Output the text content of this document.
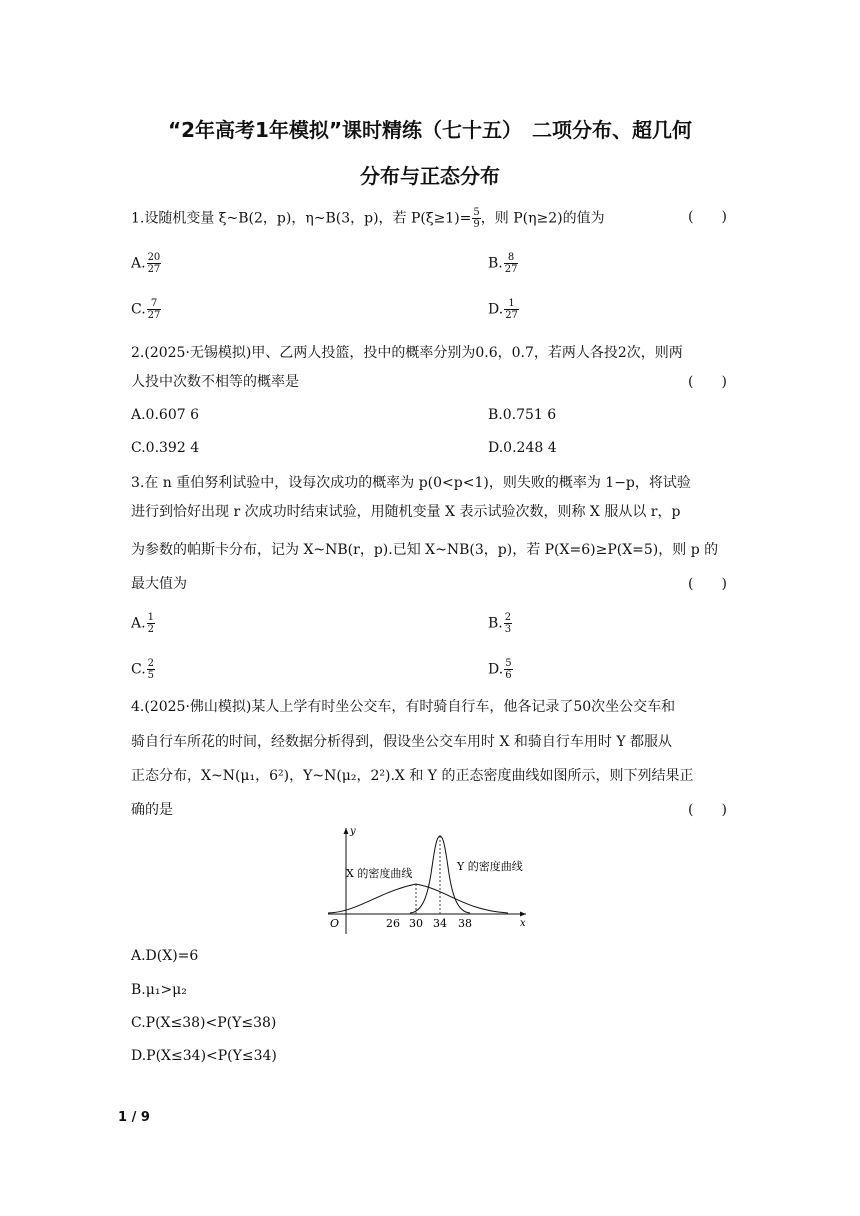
“2年高考1年模拟”课时精练（七十五）　二项分布、超几何
分布与正态分布
1.设随机变量 ξ~B(2，p)，η~B(3，p)，若 $P(\xi\ge 1)= \frac{5}{9}$ ，则 P(η≥2)的值为	(　　)
A. $\frac{20}{27}$	B. $\frac{8}{27}$
C. $\frac{7}{27}$	D. $\frac{1}{27}$
2.(2025·无锡模拟)甲、乙两人投篮，投中的概率分别为0.6，0.7，若两人各投2次，则两
人投中次数不相等的概率是	(　　)
A.0.607 6	B.0.751 6
C.0.392 4	D.0.248 4
3.在 n 重伯努利试验中，设每次成功的概率为 p(0<p<1)，则失败的概率为 1−p，将试验
进行到恰好出现 r 次成功时结束试验，用随机变量 X 表示试验次数，则称 X 服从以 r，p
为参数的帕斯卡分布，记为 X~NB(r，p).已知 X~NB(3，p)，若 P(X=6)≥P(X=5)，则 p 的
最大值为	(　　)
A. $\frac{1}{2}$	B. $\frac{2}{3}$
C. $\frac{2}{5}$	D. $\frac{5}{6}$
4.(2025·佛山模拟)某人上学有时坐公交车，有时骑自行车，他各记录了50次坐公交车和
骑自行车所花的时间，经数据分析得到，假设坐公交车用时 X 和骑自行车用时 Y 都服从
正态分布，X~N(μ₁，6²)，Y~N(μ₂，2²).X 和 Y 的正态密度曲线如图所示，则下列结果正
确的是	(　　)
y
x
O	26 30 34 38
X 的密度曲线
Y 的密度曲线
A.D(X)=6
B.μ₁>μ₂
C.P(X≤38)<P(Y≤38)
D.P(X≤34)<P(Y≤34)
1 / 9
